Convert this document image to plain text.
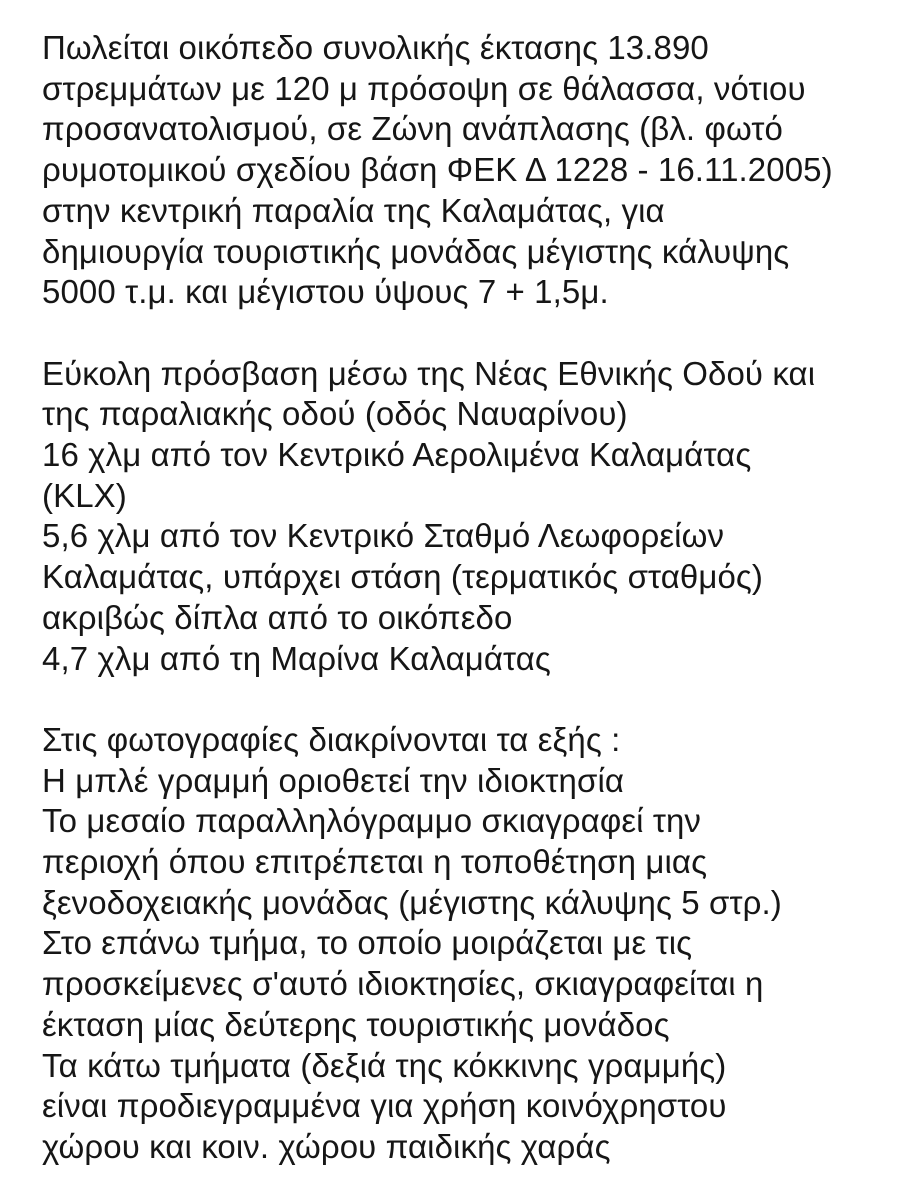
Πωλείται οικόπεδο συνολικής έκτασης 13.890
στρεμμάτων με 120 μ πρόσοψη σε θάλασσα, νότιου
προσανατολισμού, σε Ζώνη ανάπλασης (βλ. φωτό
ρυμοτομικού σχεδίου βάση ΦΕΚ Δ 1228 - 16.11.2005)
στην κεντρική παραλία της Καλαμάτας, για
δημιουργία τουριστικής μονάδας μέγιστης κάλυψης
5000 τ.μ. και μέγιστου ύψους 7 + 1,5μ.

Εύκολη πρόσβαση μέσω της Νέας Εθνικής Οδού και
της παραλιακής οδού (οδός Ναυαρίνου)
16 χλμ από τον Κεντρικό Αερολιμένα Καλαμάτας
(KLX)
5,6 χλμ από τον Κεντρικό Σταθμό Λεωφορείων
Καλαμάτας, υπάρχει στάση (τερματικός σταθμός)
ακριβώς δίπλα από το οικόπεδο
4,7 χλμ από τη Μαρίνα Καλαμάτας

Στις φωτογραφίες διακρίνονται τα εξής :
Η μπλέ γραμμή οριοθετεί την ιδιοκτησία
Το μεσαίο παραλληλόγραμμο σκιαγραφεί την
περιοχή όπου επιτρέπεται η τοποθέτηση μιας
ξενοδοχειακής μονάδας (μέγιστης κάλυψης 5 στρ.)
Στο επάνω τμήμα, το οποίο μοιράζεται με τις
προσκείμενες σ'αυτό ιδιοκτησίες, σκιαγραφείται η
έκταση μίας δεύτερης τουριστικής μονάδος
Τα κάτω τμήματα (δεξιά της κόκκινης γραμμής)
είναι προδιεγραμμένα για χρήση κοινόχρηστου
χώρου και κοιν. χώρου παιδικής χαράς
